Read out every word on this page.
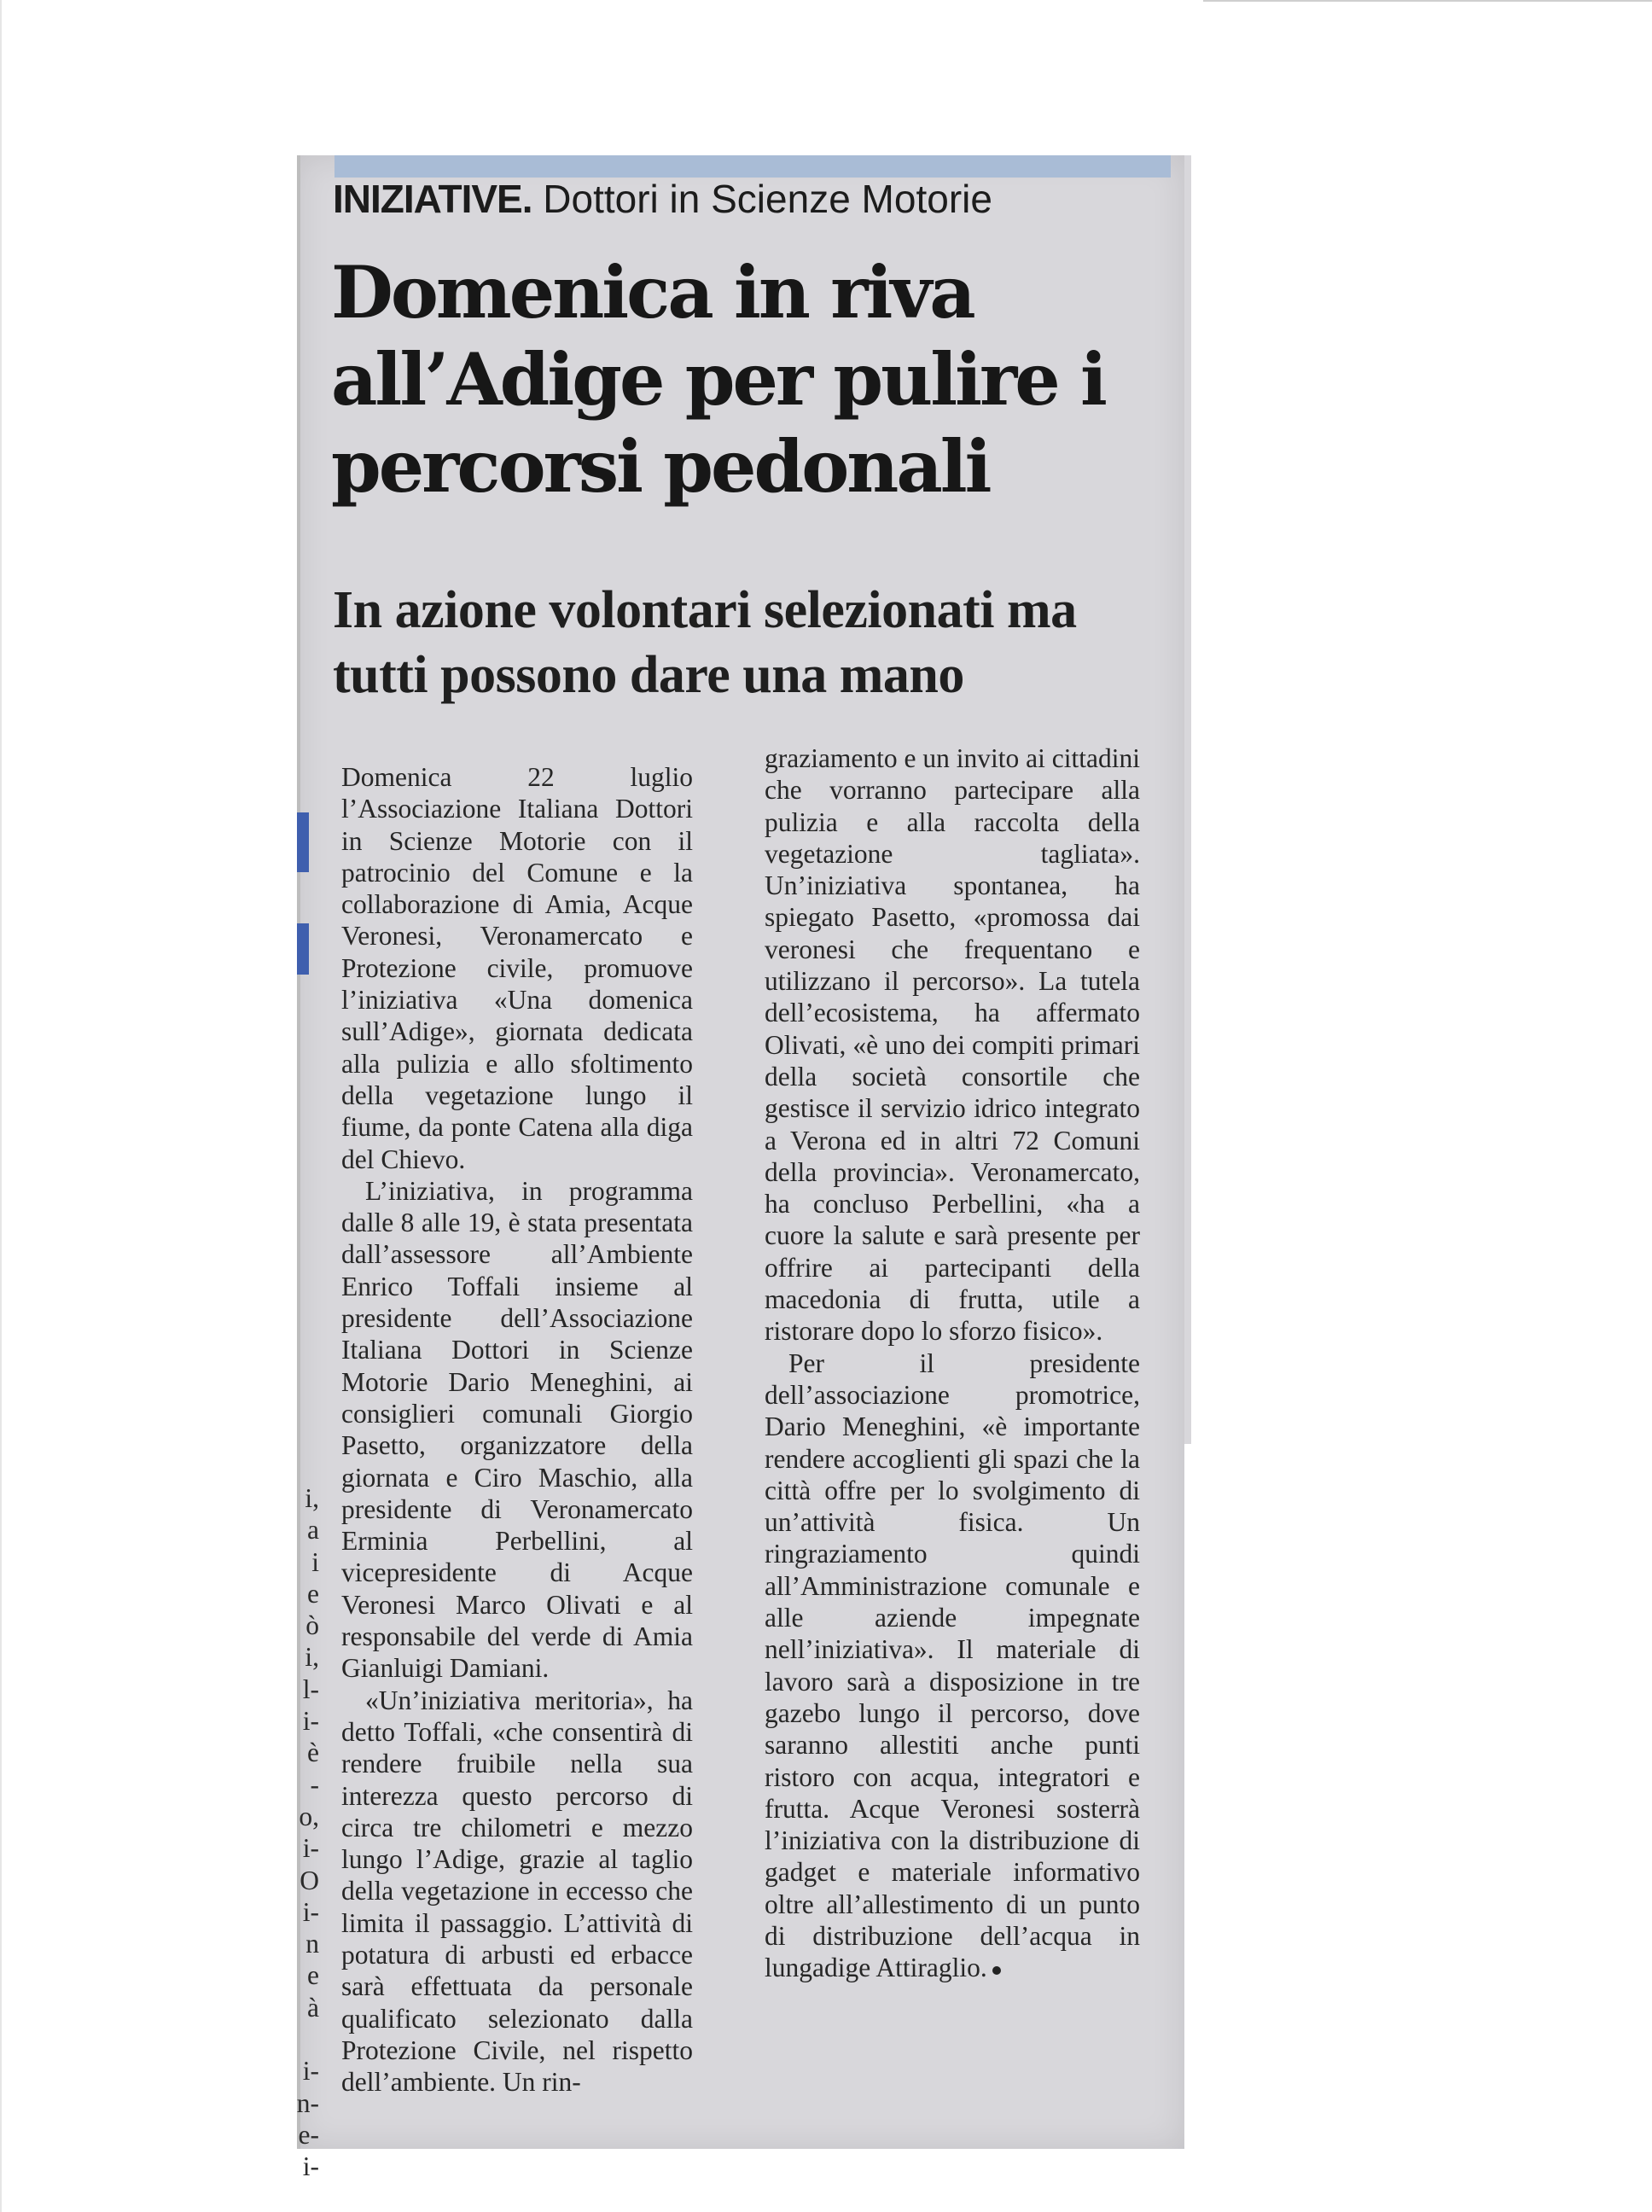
INIZIATIVE. Dottori in Scienze Motorie
Domenica in riva all’Adige per pulire i percorsi pedonali
In azione volontari selezionati ma tutti possono dare una mano

Domenica 22 luglio l’Associazione Italiana Dottori in Scienze Motorie con il patrocinio del Comune e la collaborazione di Amia, Acque Veronesi, Veronamercato e Protezione civile, promuove l’iniziativa «Una domenica sull’Adige», giornata dedicata alla pulizia e allo sfoltimento della vegetazione lungo il fiume, da ponte Catena alla diga del Chievo.

L’iniziativa, in programma dalle 8 alle 19, è stata presentata dall’assessore all’Ambiente Enrico Toffali insieme al presidente dell’Associazione Italiana Dottori in Scienze Motorie Dario Meneghini, ai consiglieri comunali Giorgio Pasetto, organizzatore della giornata e Ciro Maschio, alla presidente di Veronamercato Erminia Perbellini, al vicepresidente di Acque Veronesi Marco Olivati e al responsabile del verde di Amia Gianluigi Damiani.

«Un’iniziativa meritoria», ha detto Toffali, «che consentirà di rendere fruibile nella sua interezza questo percorso di circa tre chilometri e mezzo lungo l’Adige, grazie al taglio della vegetazione in eccesso che limita il passaggio. L’attività di potatura di arbusti ed erbacce sarà effettuata da personale qualificato selezionato dalla Protezione Civile, nel rispetto dell’ambiente. Un rin-

graziamento e un invito ai cittadini che vorranno partecipare alla pulizia e alla raccolta della vegetazione tagliata». Un’iniziativa spontanea, ha spiegato Pasetto, «promossa dai veronesi che frequentano e utilizzano il percorso». La tutela dell’ecosistema, ha affermato Olivati, «è uno dei compiti primari della società consortile che gestisce il servizio idrico integrato a Verona ed in altri 72 Comuni della provincia». Veronamercato, ha concluso Perbellini, «ha a cuore la salute e sarà presente per offrire ai partecipanti della macedonia di frutta, utile a ristorare dopo lo sforzo fisico».

Per il presidente dell’associazione promotrice, Dario Meneghini, «è importante rendere accoglienti gli spazi che la città offre per lo svolgimento di un’attività fisica. Un ringraziamento quindi all’Amministrazione comunale e alle aziende impegnate nell’iniziativa». Il materiale di lavoro sarà a disposizione in tre gazebo lungo il percorso, dove saranno allestiti anche punti ristoro con acqua, integratori e frutta. Acque Veronesi sosterrà l’iniziativa con la distribuzione di gadget e materiale informativo oltre all’allestimento di un punto di distribuzione dell’acqua in lungadige Attiraglio.

i,
a
i
e
ò
i,
l-
i-
è
-
o,
i-
O
i-
n
e
à
i-
n-
e-
i-
